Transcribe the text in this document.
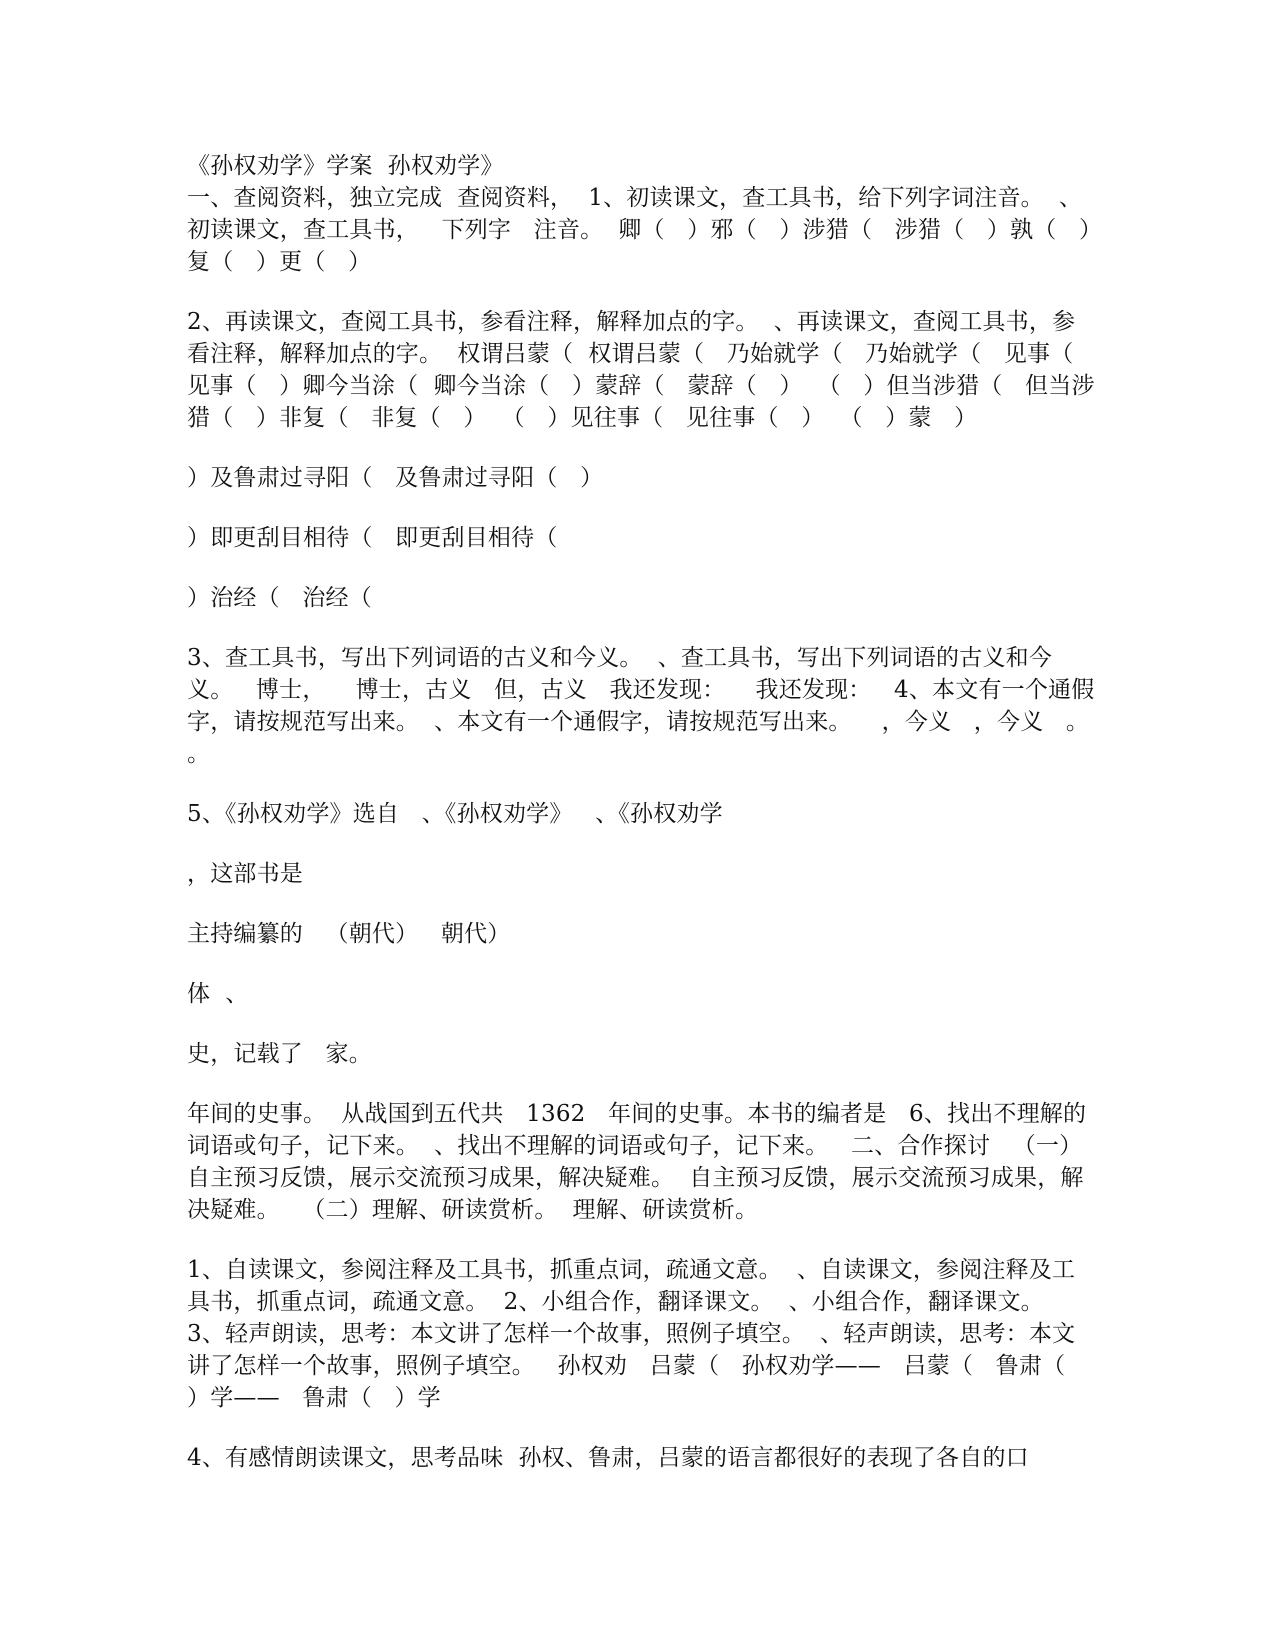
《孙权劝学》学案  孙权劝学》
一、查阅资料，独立完成  查阅资料，  1、初读课文，查工具书，给下列字词注音。  、初读课文，查工具书，   下列字   注音。  卿（   ）邪（   ）涉猎（   涉猎（   ）孰（   ）复（   ）更（   ）

2、再读课文，查阅工具书，参看注释，解释加点的字。  、再读课文，查阅工具书，参看注释，解释加点的字。  权谓吕蒙（  权谓吕蒙（   乃始就学（   乃始就学（   见事（   见事（   ）卿今当涂（  卿今当涂（   ）蒙辞（   蒙辞（   ）  （   ）但当涉猎（   但当涉猎（   ）非复（   非复（   ）  （   ）见往事（   见往事（   ）  （   ）蒙   ）

）及鲁肃过寻阳（   及鲁肃过寻阳（   ）

）即更刮目相待（   即更刮目相待（

）治经（   治经（

3、查工具书，写出下列词语的古义和今义。  、查工具书，写出下列词语的古义和今义。   博士，    博士，古义   但，古义   我还发现：    我还发现：   4、本文有一个通假字，请按规范写出来。  、本文有一个通假字，请按规范写出来。    ，今义   ，今义   。  。

5、《孙权劝学》选自   、《孙权劝学》   、《孙权劝学

，这部书是

主持编纂的   （朝代）   朝代）

体  、

史，记载了   家。

年间的史事。  从战国到五代共   1362   年间的史事。本书的编者是   6、找出不理解的词语或句子，记下来。  、找出不理解的词语或句子，记下来。   二、合作探讨   （一）自主预习反馈，展示交流预习成果，解决疑难。  自主预习反馈，展示交流预习成果，解决疑难。   （二）理解、研读赏析。  理解、研读赏析。

1、自读课文，参阅注释及工具书，抓重点词，疏通文意。  、自读课文，参阅注释及工具书，抓重点词，疏通文意。  2、小组合作，翻译课文。  、小组合作，翻译课文。  3、轻声朗读，思考：本文讲了怎样一个故事，照例子填空。  、轻声朗读，思考：本文讲了怎样一个故事，照例子填空。   孙权劝   吕蒙（   孙权劝学——   吕蒙（   鲁肃（   ）学——   鲁肃（   ）学

4、有感情朗读课文，思考品味  孙权、鲁肃，吕蒙的语言都很好的表现了各自的口
